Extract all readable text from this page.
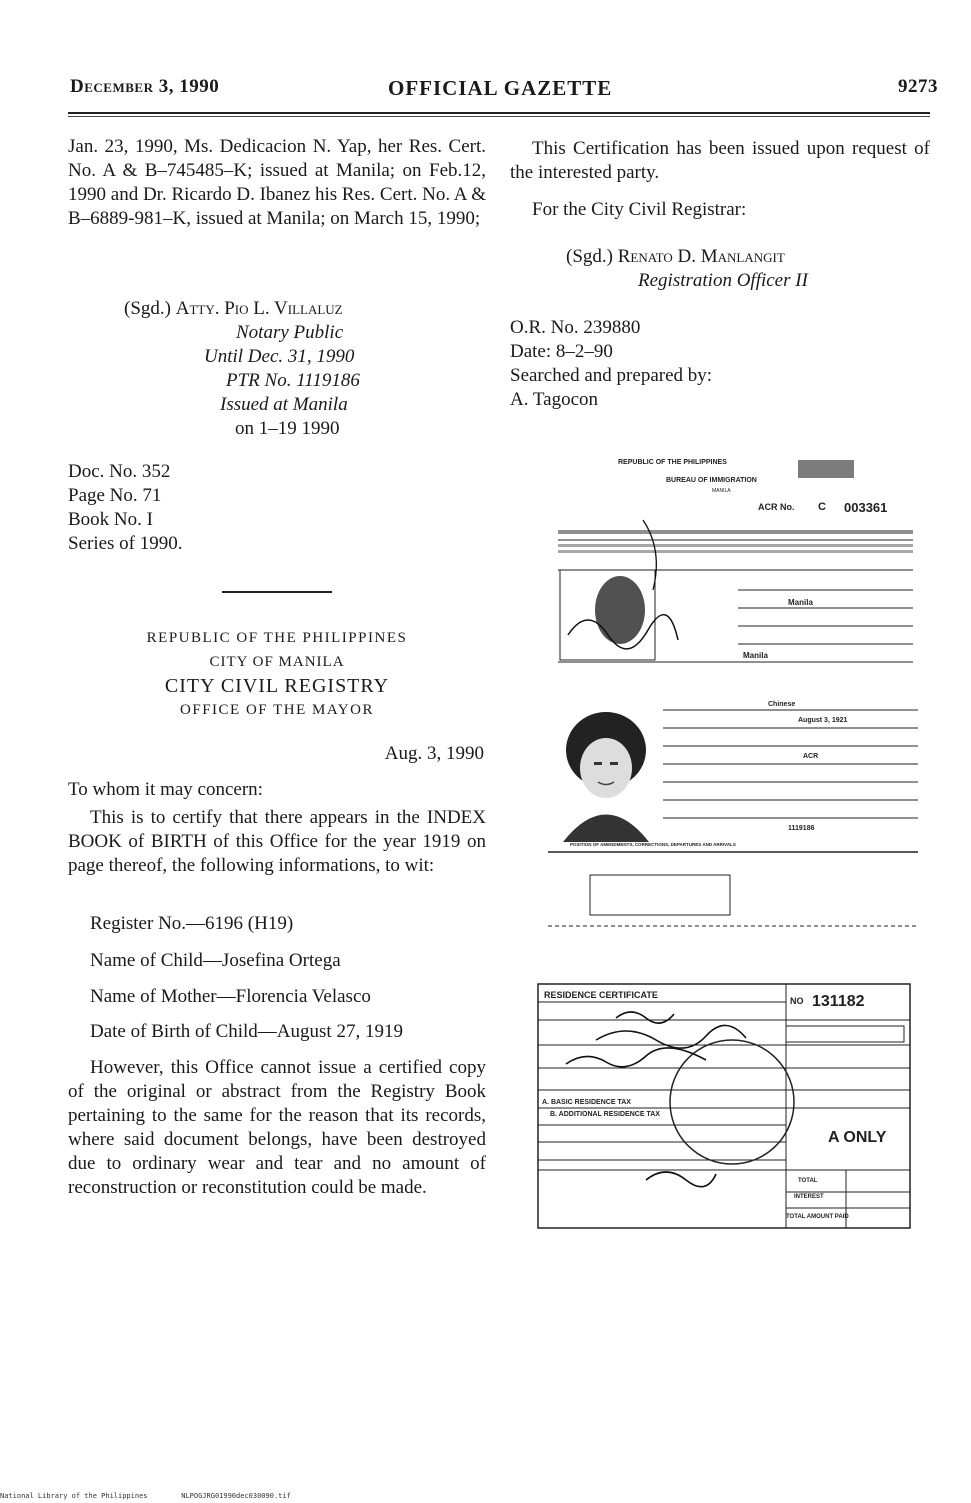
December 3, 1990	OFFICIAL GAZETTE	9273

Jan. 23, 1990, Ms. Dedicacion N. Yap, her Res. Cert. No. A & B–745485–K; issued at Manila; on Feb.12, 1990 and Dr. Ricardo D. Ibanez his Res. Cert. No. A & B–6889-981–K, issued at Manila; on March 15, 1990;

(Sgd.) Atty. Pio L. Villaluz

Notary Public

Until Dec. 31, 1990

PTR No. 1119186

Issued at Manila

on 1–19 1990

Doc. No. 352

Page No. 71

Book No. I

Series of 1990.

REPUBLIC OF THE PHILIPPINES

CITY OF MANILA

CITY CIVIL REGISTRY

OFFICE OF THE MAYOR

Aug. 3, 1990
To whom it may concern:
This is to certify that there appears in the INDEX BOOK of BIRTH of this Office for the year 1919 on page thereof, the following informations, to wit:
Register No.—6196 (H19)
Name of Child—Josefina Ortega
Name of Mother—Florencia Velasco
Date of Birth of Child—August 27, 1919
However, this Office cannot issue a certified copy of the original or abstract from the Registry Book pertaining to the same for the reason that its records, where said document belongs, have been destroyed due to ordinary wear and tear and no amount of reconstruction or reconstitution could be made.
This Certification has been issued upon request of the interested party.
For the City Civil Registrar:

(Sgd.) Renato D. Manlangit

Registration Officer II

O.R. No. 239880

Date: 8–2–90

Searched and prepared by:

A. Tagocon

REPUBLIC OF THE PHILIPPINES
BUREAU OF IMMIGRATION
MANILA
ACR No. C 003361
Manila
Manila
Chinese
August 3, 1921
ACR
1119186
POSITION OF AMENDMENTS, CORRECTIONS, DEPARTURES AND ARRIVALS
RESIDENCE CERTIFICATE
NO 131182
A. BASIC RESIDENCE TAX
B. ADDITIONAL RESIDENCE TAX
TOTAL
INTEREST
TOTAL AMOUNT PAID
A ONLY
National Library of the Philippines	NLPOGJRG01990dec030090.tif
